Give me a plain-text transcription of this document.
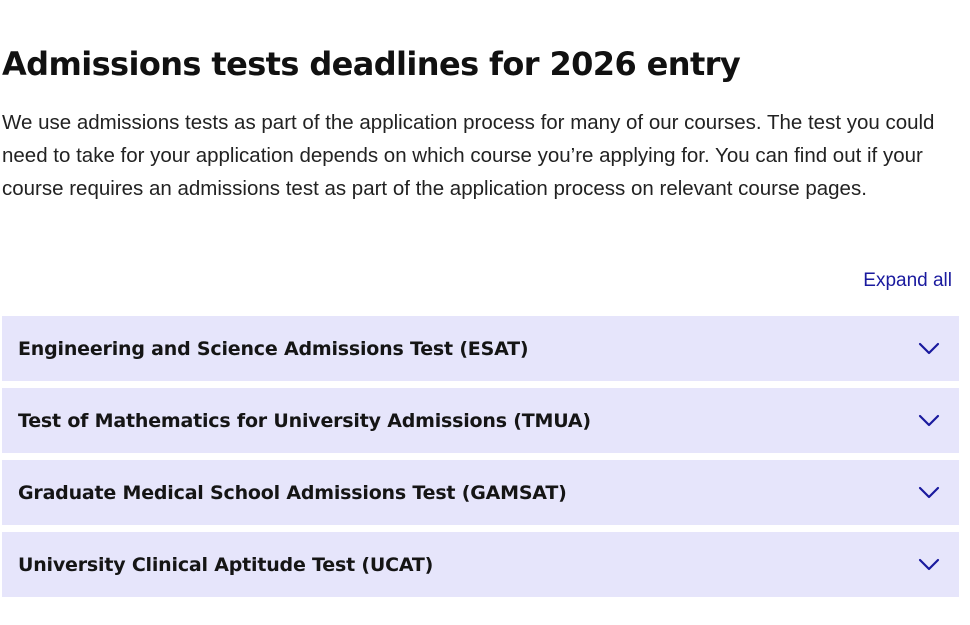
Admissions tests deadlines for 2026 entry

We use admissions tests as part of the application process for many of our courses. The test you could need to take for your application depends on which course you’re applying for. You can find out if your course requires an admissions test as part of the application process on relevant course pages.

Expand all
Engineering and Science Admissions Test (ESAT)
Test of Mathematics for University Admissions (TMUA)
Graduate Medical School Admissions Test (GAMSAT)
University Clinical Aptitude Test (UCAT)
